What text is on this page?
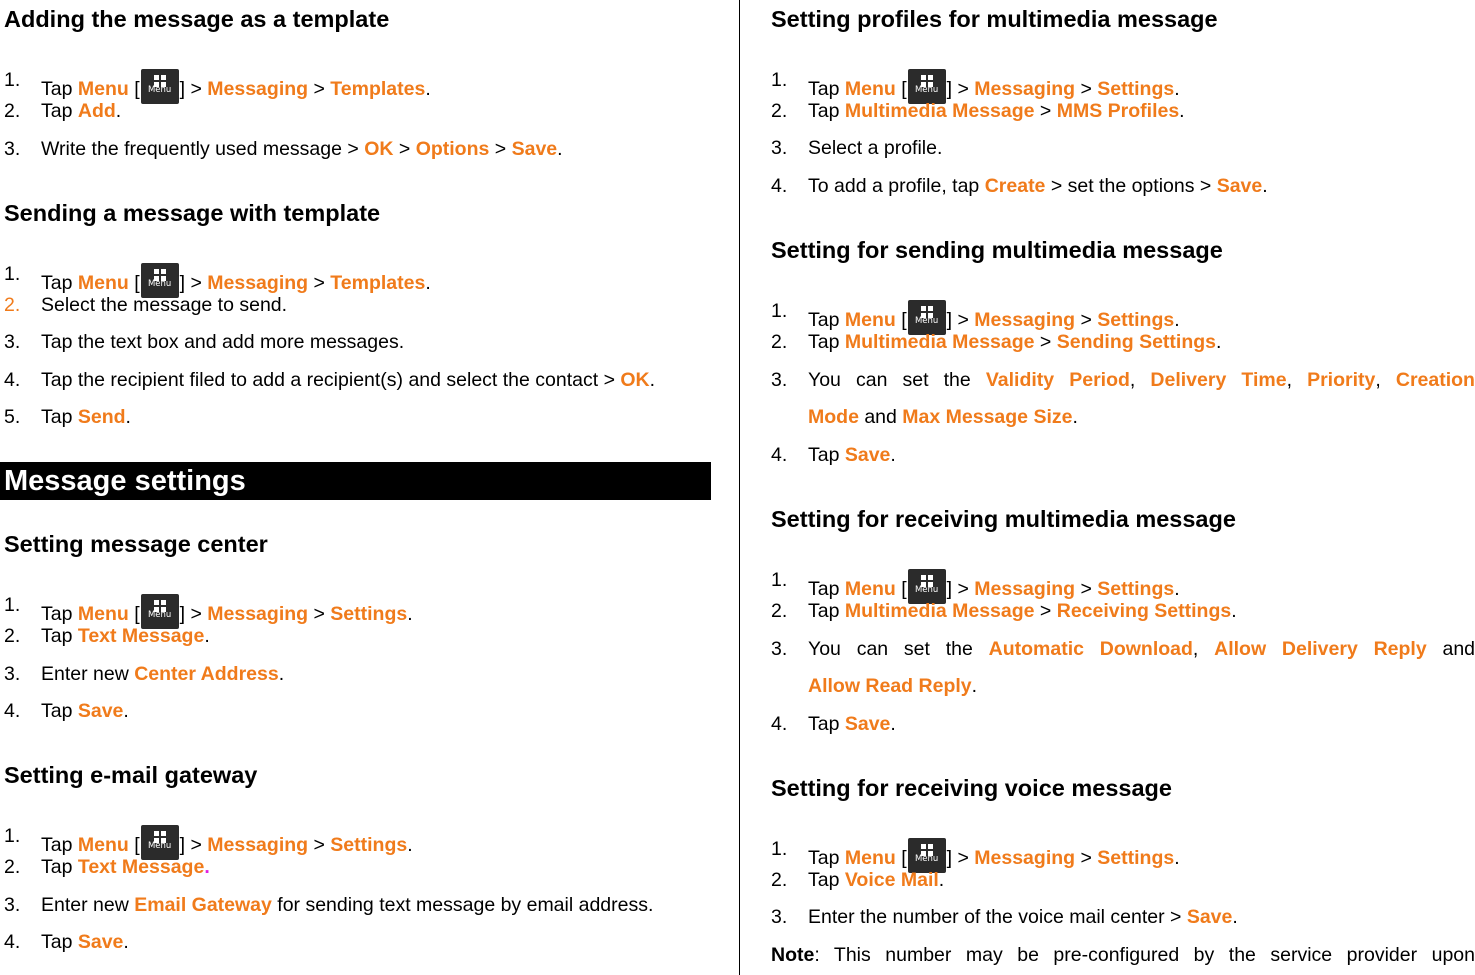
Adding the message as a template
1. Tap Menu [ Menu ] > Messaging > Templates.
2. Tap Add.
3. Write the frequently used message > OK > Options > Save.
Sending a message with template
1. Tap Menu [ Menu ] > Messaging > Templates.
2. Select the message to send.
3. Tap the text box and add more messages.
4. Tap the recipient filed to add a recipient(s) and select the contact > OK.
5. Tap Send.
Message settings
Setting message center
1. Tap Menu [ Menu ] > Messaging > Settings.
2. Tap Text Message.
3. Enter new Center Address.
4. Tap Save.
Setting e-mail gateway
1. Tap Menu [ Menu ] > Messaging > Settings.
2. Tap Text Message.
3. Enter new Email Gateway for sending text message by email address.
4. Tap Save.
Setting profiles for multimedia message
1. Tap Menu [ Menu ] > Messaging > Settings.
2. Tap Multimedia Message > MMS Profiles.
3. Select a profile.
4. To add a profile, tap Create > set the options > Save.
Setting for sending multimedia message
1. Tap Menu [ Menu ] > Messaging > Settings.
2. Tap Multimedia Message > Sending Settings.
3. You can set the Validity Period, Delivery Time, Priority, Creation
Mode and Max Message Size.
4. Tap Save.
Setting for receiving multimedia message
1. Tap Menu [ Menu ] > Messaging > Settings.
2. Tap Multimedia Message > Receiving Settings.
3. You can set the Automatic Download, Allow Delivery Reply and
Allow Read Reply.
4. Tap Save.
Setting for receiving voice message
1. Tap Menu [ Menu ] > Messaging > Settings.
2. Tap Voice Mail.
3. Enter the number of the voice mail center > Save.
Note: This number may be pre-configured by the service provider upon
